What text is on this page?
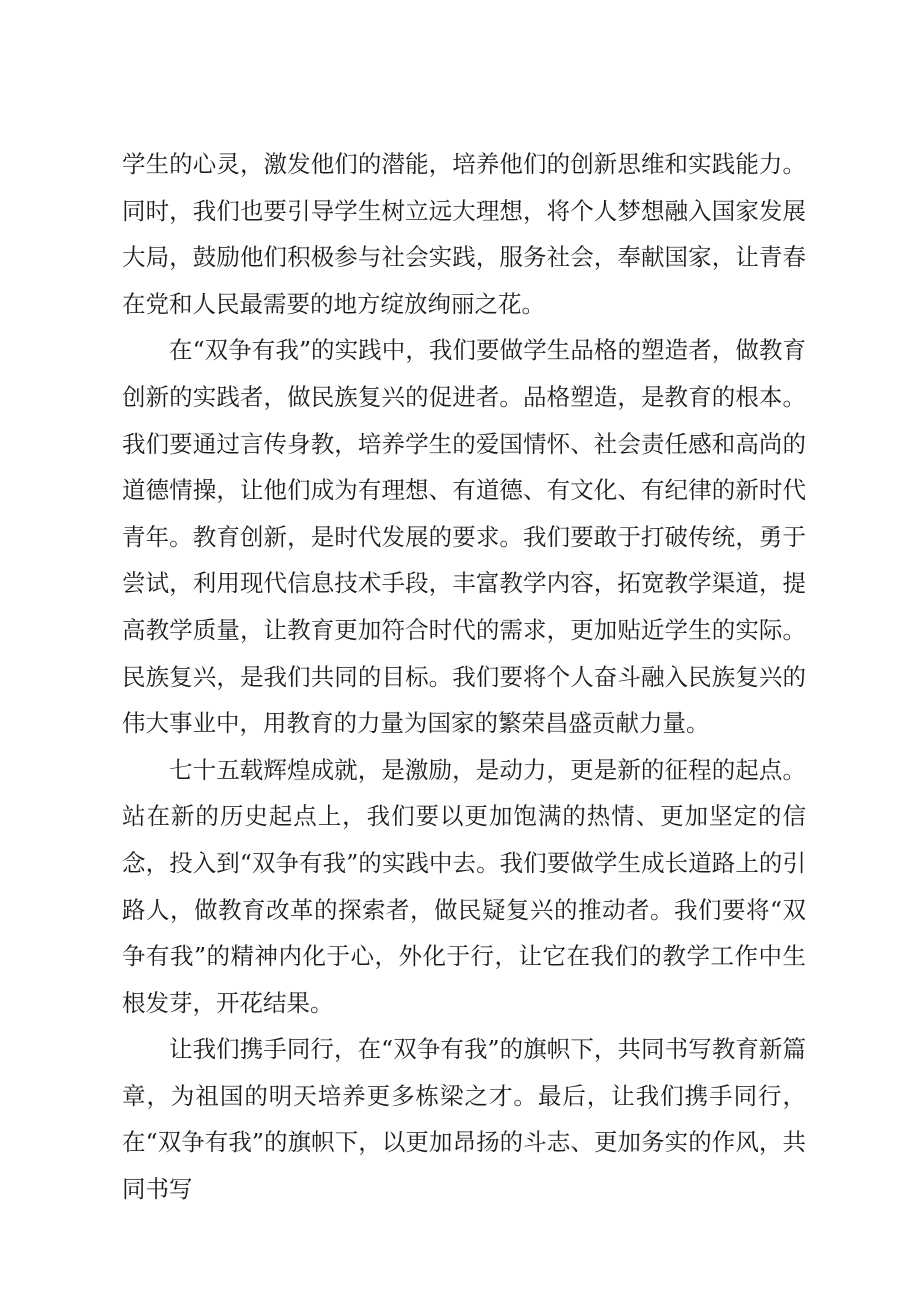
学生的心灵，激发他们的潜能，培养他们的创新思维和实践能力。同时，我们也要引导学生树立远大理想，将个人梦想融入国家发展大局，鼓励他们积极参与社会实践，服务社会，奉献国家，让青春在党和人民最需要的地方绽放绚丽之花。

在“双争有我”的实践中，我们要做学生品格的塑造者，做教育创新的实践者，做民族复兴的促进者。品格塑造，是教育的根本。我们要通过言传身教，培养学生的爱国情怀、社会责任感和高尚的道德情操，让他们成为有理想、有道德、有文化、有纪律的新时代青年。教育创新，是时代发展的要求。我们要敢于打破传统，勇于尝试，利用现代信息技术手段，丰富教学内容，拓宽教学渠道，提高教学质量，让教育更加符合时代的需求，更加贴近学生的实际。民族复兴，是我们共同的目标。我们要将个人奋斗融入民族复兴的伟大事业中，用教育的力量为国家的繁荣昌盛贡献力量。

七十五载辉煌成就，是激励，是动力，更是新的征程的起点。站在新的历史起点上，我们要以更加饱满的热情、更加坚定的信念，投入到“双争有我”的实践中去。我们要做学生成长道路上的引路人，做教育改革的探索者，做民疑复兴的推动者。我们要将“双争有我”的精神内化于心，外化于行，让它在我们的教学工作中生根发芽，开花结果。

让我们携手同行，在“双争有我”的旗帜下，共同书写教育新篇章，为祖国的明天培养更多栋梁之才。最后，让我们携手同行，在“双争有我”的旗帜下，以更加昂扬的斗志、更加务实的作风，共同书写
